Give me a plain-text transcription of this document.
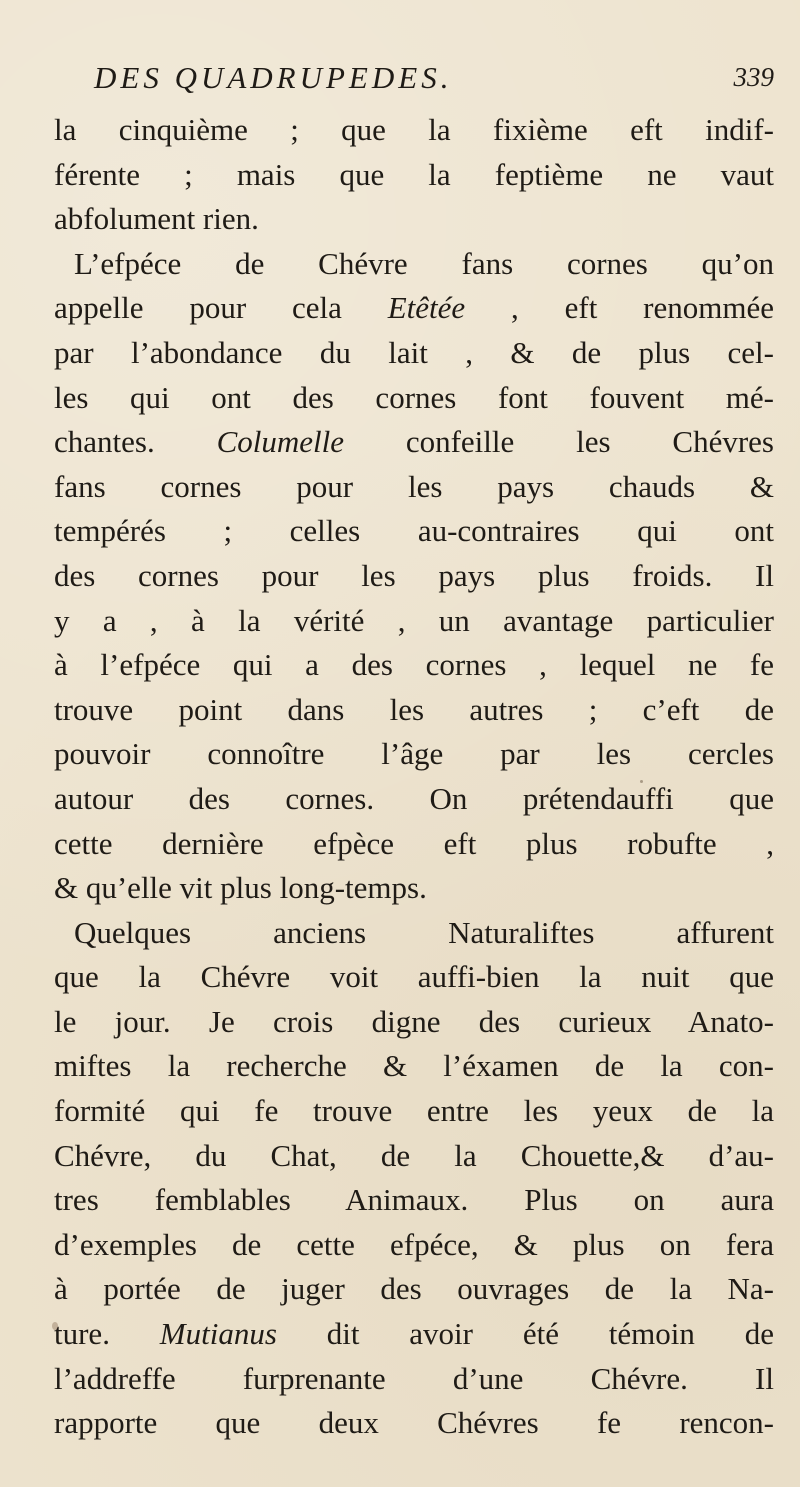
DES QUADRUPEDES.	339
la cinquième ; que la fixième eft indif-
férente ; mais que la feptième ne vaut
abfolument rien.
L’efpéce de Chévre fans cornes qu’on
appelle pour cela Etêtée , eft renommée
par l’abondance du lait , & de plus cel-
les qui ont des cornes font fouvent mé-
chantes. Columelle confeille les Chévres
fans cornes pour les pays chauds &
tempérés ; celles au-contraires qui ont
des cornes pour les pays plus froids. Il
y a , à la vérité , un avantage particulier
à l’efpéce qui a des cornes , lequel ne fe
trouve point dans les autres ; c’eft de
pouvoir connoître l’âge par les cercles
autour des cornes. On prétendauffi que
cette dernière efpèce eft plus robufte ,
& qu’elle vit plus long-temps.
Quelques anciens Naturaliftes affurent
que la Chévre voit auffi-bien la nuit que
le jour. Je crois digne des curieux Anato-
miftes la recherche & l’éxamen de la con-
formité qui fe trouve entre les yeux de la
Chévre, du Chat, de la Chouette,& d’au-
tres femblables Animaux. Plus on aura
d’exemples de cette efpéce, & plus on fera
à portée de juger des ouvrages de la Na-
ture. Mutianus dit avoir été témoin de
l’addreffe furprenante d’une Chévre. Il
rapporte que deux Chévres fe rencon-
